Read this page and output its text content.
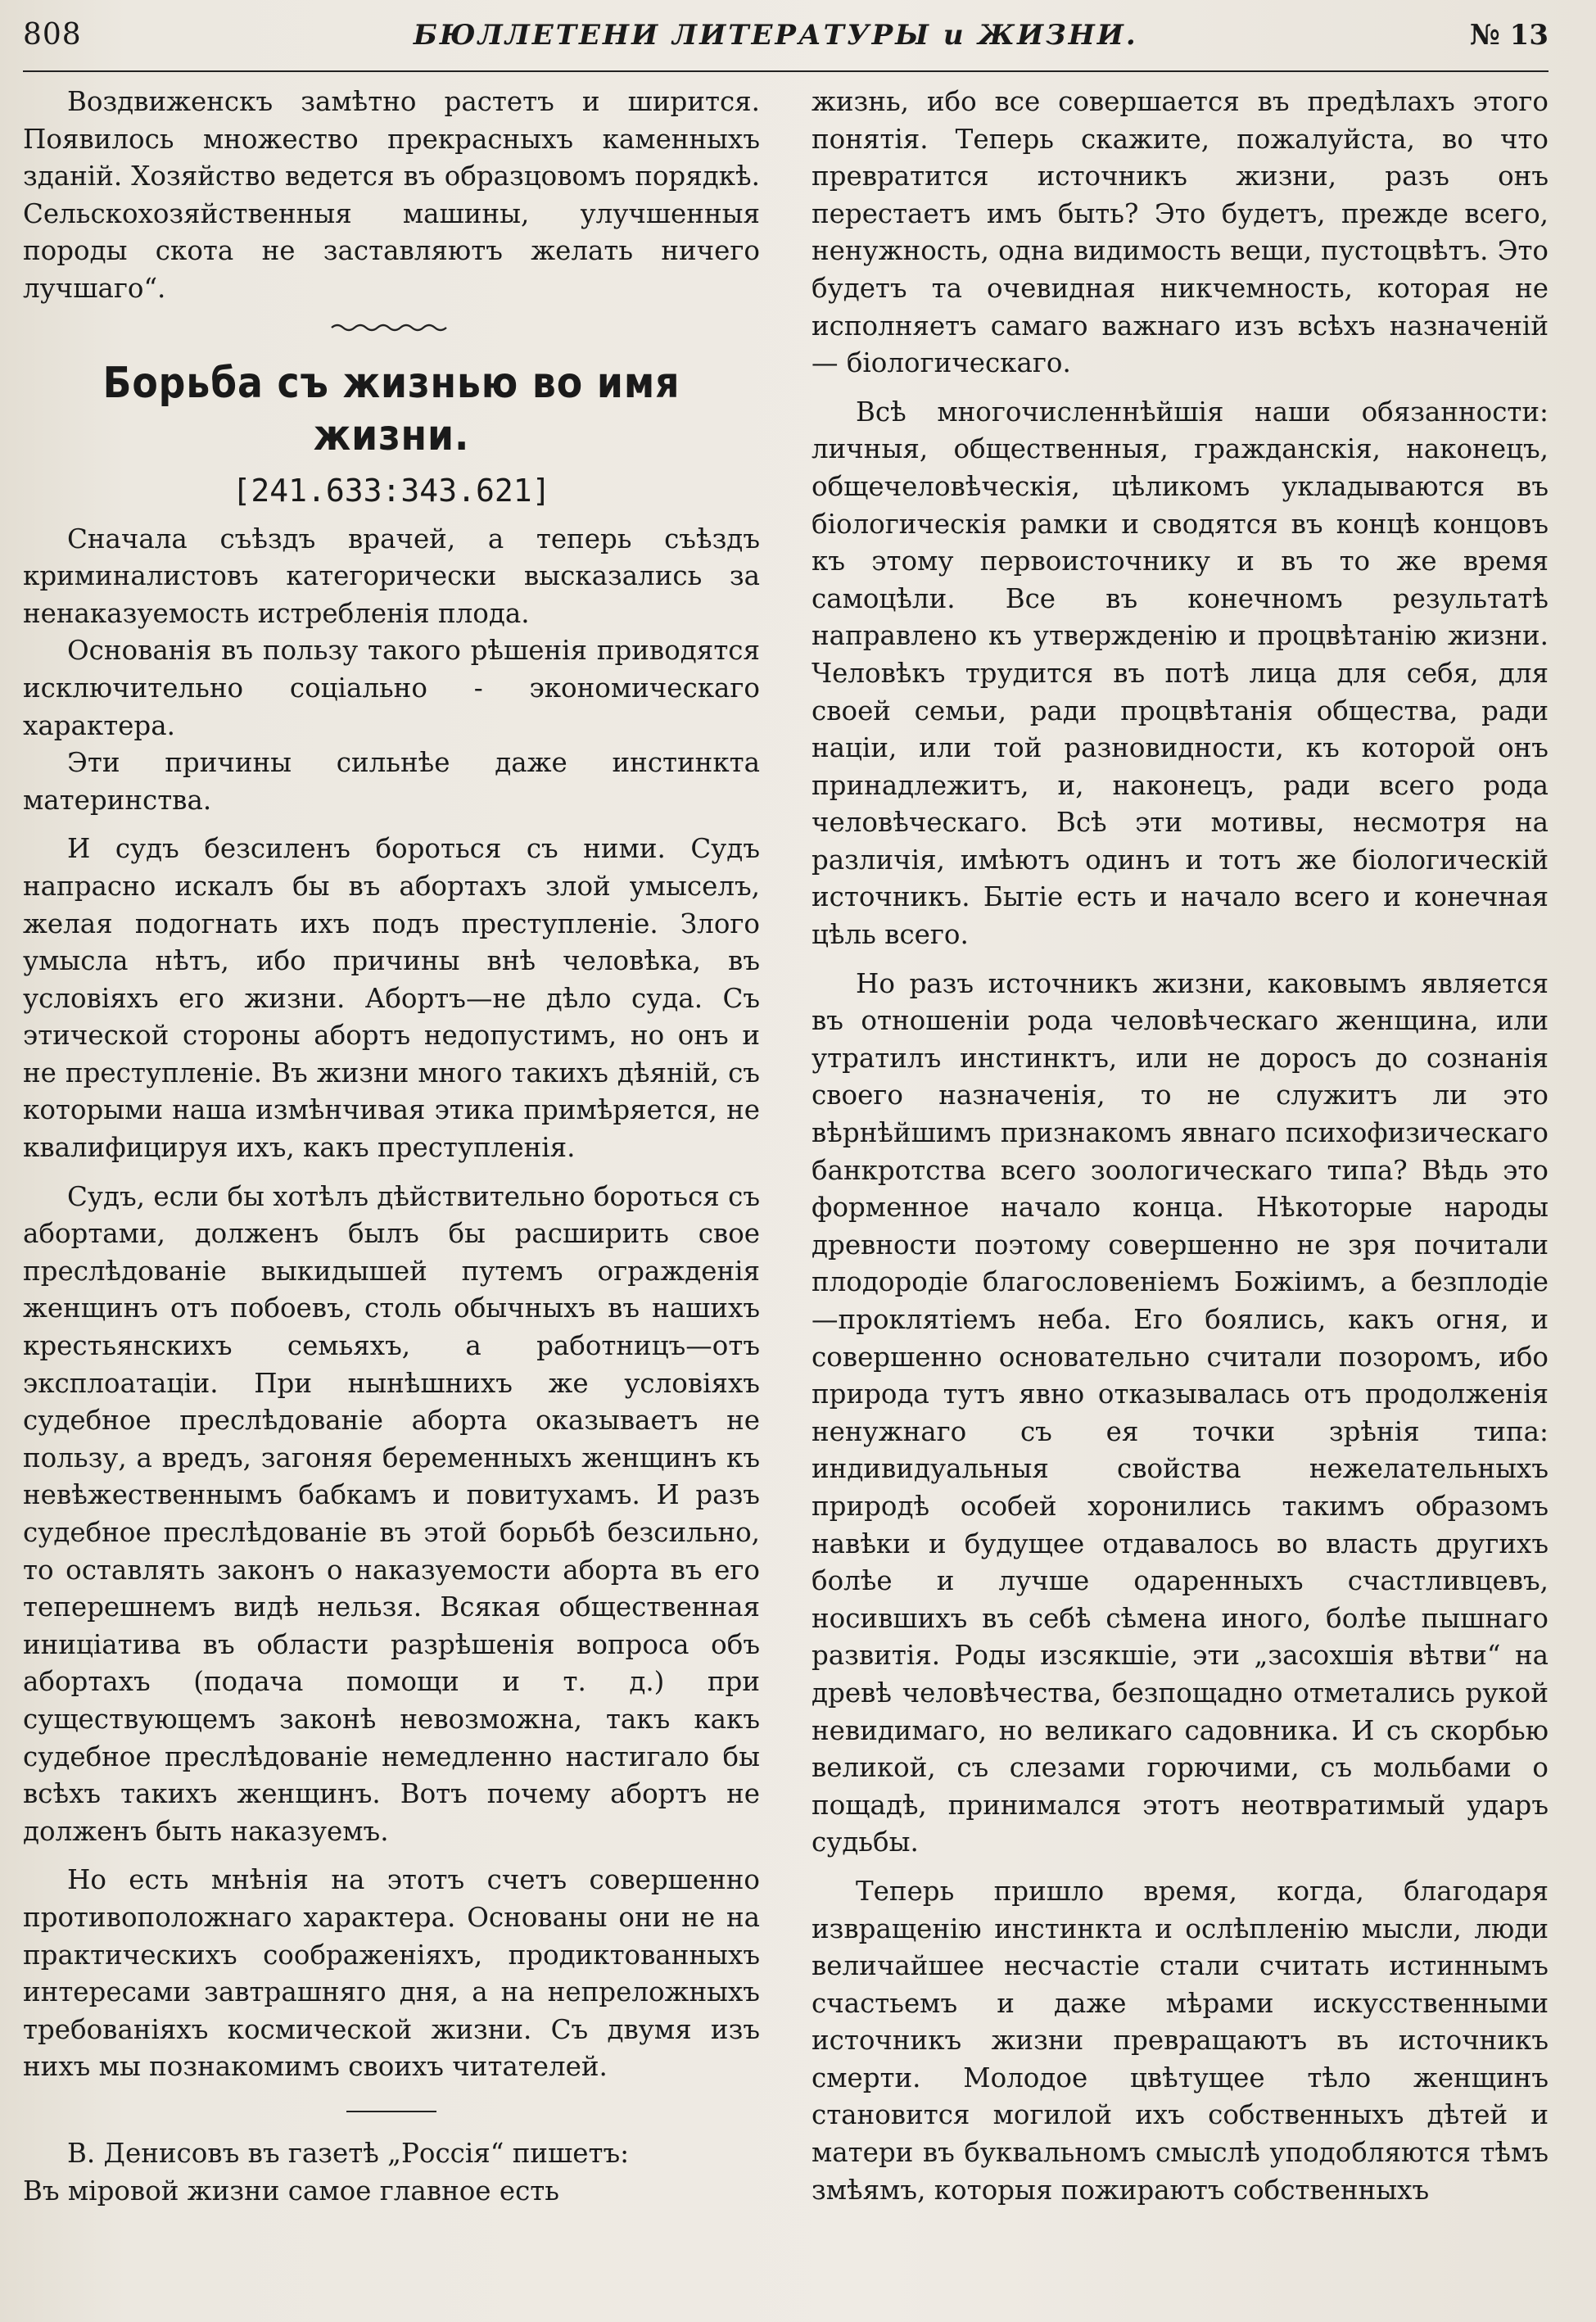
808	БЮЛЛЕТЕНИ ЛИТЕРАТУРЫ и ЖИЗНИ.	№ 13

Воздвиженскъ замѣтно растетъ и ширится. Появилось множество прекрасныхъ каменныхъ зданій. Хозяйство ведется въ образцовомъ порядкѣ. Сельскохозяйственныя машины, улучшенныя породы скота не заставляютъ желать ничего лучшаго“.

Борьба съ жизнью во имя жизни.
[241.633:343.621]

Сначала съѣздъ врачей, а теперь съѣздъ криминалистовъ категорически высказались за ненаказуемость истребленія плода.

Основанія въ пользу такого рѣшенія приводятся исключительно соціально - экономическаго характера.

Эти причины сильнѣе даже инстинкта материнства.

И судъ безсиленъ бороться съ ними. Судъ напрасно искалъ бы въ абортахъ злой умыселъ, желая подогнать ихъ подъ преступленіе. Злого умысла нѣтъ, ибо причины внѣ человѣка, въ условіяхъ его жизни. Абортъ—не дѣло суда. Съ этической стороны абортъ недопустимъ, но онъ и не преступленіе. Въ жизни много такихъ дѣяній, съ которыми наша измѣнчивая этика примѣряется, не квалифицируя ихъ, какъ преступленія.

Судъ, если бы хотѣлъ дѣйствительно бороться съ абортами, долженъ былъ бы расширить свое преслѣдованіе выкидышей путемъ огражденія женщинъ отъ побоевъ, столь обычныхъ въ нашихъ крестьянскихъ семьяхъ, а работницъ—отъ эксплоатаціи. При нынѣшнихъ же условіяхъ судебное преслѣдованіе аборта оказываетъ не пользу, а вредъ, загоняя беременныхъ женщинъ къ невѣжественнымъ бабкамъ и повитухамъ. И разъ судебное преслѣдованіе въ этой борьбѣ безсильно, то оставлять законъ о наказуемости аборта въ его теперешнемъ видѣ нельзя. Всякая общественная иниціатива въ области разрѣшенія вопроса объ абортахъ (подача помощи и т. д.) при существующемъ законѣ невозможна, такъ какъ судебное преслѣдованіе немедленно настигало бы всѣхъ такихъ женщинъ. Вотъ почему абортъ не долженъ быть наказуемъ.

Но есть мнѣнія на этотъ счетъ совершенно противоположнаго характера. Основаны они не на практическихъ соображеніяхъ, продиктованныхъ интересами завтрашняго дня, а на непреложныхъ требованіяхъ космической жизни. Съ двумя изъ нихъ мы познакомимъ своихъ читателей.

В. Денисовъ въ газетѣ „Россія“ пишетъ:

Въ міровой жизни самое главное есть

жизнь, ибо все совершается въ предѣлахъ этого понятія. Теперь скажите, пожалуйста, во что превратится источникъ жизни, разъ онъ перестаетъ имъ быть? Это будетъ, прежде всего, ненужность, одна видимость вещи, пустоцвѣтъ. Это будетъ та очевидная никчемность, которая не исполняетъ самаго важнаго изъ всѣхъ назначеній — біологическаго.

Всѣ многочисленнѣйшія наши обязанности: личныя, общественныя, гражданскія, наконецъ, общечеловѣческія, цѣликомъ укладываются въ біологическія рамки и сводятся въ концѣ концовъ къ этому первоисточнику и въ то же время самоцѣли. Все въ конечномъ результатѣ направлено къ утвержденію и процвѣтанію жизни. Человѣкъ трудится въ потѣ лица для себя, для своей семьи, ради процвѣтанія общества, ради націи, или той разновидности, къ которой онъ принадлежитъ, и, наконецъ, ради всего рода человѣческаго. Всѣ эти мотивы, несмотря на различія, имѣютъ одинъ и тотъ же біологическій источникъ. Бытіе есть и начало всего и конечная цѣль всего.

Но разъ источникъ жизни, каковымъ является въ отношеніи рода человѣческаго женщина, или утратилъ инстинктъ, или не доросъ до сознанія своего назначенія, то не служитъ ли это вѣрнѣйшимъ признакомъ явнаго психофизическаго банкротства всего зоологическаго типа? Вѣдь это форменное начало конца. Нѣкоторые народы древности поэтому совершенно не зря почитали плодородіе благословеніемъ Божіимъ, а безплодіе—проклятіемъ неба. Его боялись, какъ огня, и совершенно основательно считали позоромъ, ибо природа тутъ явно отказывалась отъ продолженія ненужнаго съ ея точки зрѣнія типа: индивидуальныя свойства нежелательныхъ природѣ особей хоронились такимъ образомъ навѣки и будущее отдавалось во власть другихъ болѣе и лучше одаренныхъ счастливцевъ, носившихъ въ себѣ сѣмена иного, болѣе пышнаго развитія. Роды изсякшіе, эти „засохшія вѣтви“ на древѣ человѣчества, безпощадно отметались рукой невидимаго, но великаго садовника. И съ скорбью великой, съ слезами горючими, съ мольбами о пощадѣ, принимался этотъ неотвратимый ударъ судьбы.

Теперь пришло время, когда, благодаря извращенію инстинкта и ослѣпленію мысли, люди величайшее несчастіе стали считать истиннымъ счастьемъ и даже мѣрами искусственными источникъ жизни превращаютъ въ источникъ смерти. Молодое цвѣтущее тѣло женщинъ становится могилой ихъ собственныхъ дѣтей и матери въ буквальномъ смыслѣ уподобляются тѣмъ змѣямъ, которыя пожираютъ собственныхъ
